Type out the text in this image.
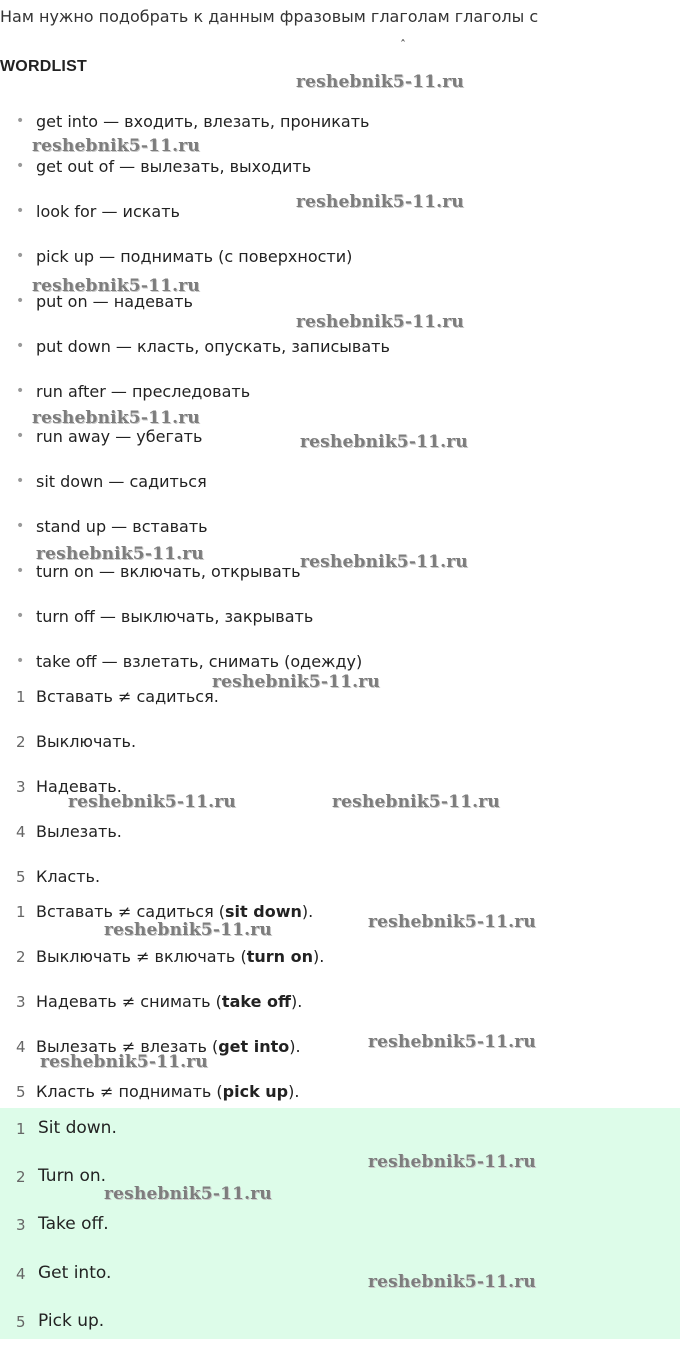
Нам нужно подобрать к данным фразовым глаголам глаголы с
ˆ
WORDLIST
• get into — входить, влезать, проникать
• get out of — вылезать, выходить
• look for — искать
• pick up — поднимать (с поверхности)
• put on — надевать
• put down — класть, опускать, записывать
• run after — преследовать
• run away — убегать
• sit down — садиться
• stand up — вставать
• turn on — включать, открывать
• turn off — выключать, закрывать
• take off — взлетать, снимать (одежду)
1 Вставать ≠ садиться.
2 Выключать.
3 Надевать.
4 Вылезать.
5 Класть.
1 Вставать ≠ садиться (sit down).
2 Выключать ≠ включать (turn on).
3 Надевать ≠ снимать (take off).
4 Вылезать ≠ влезать (get into).
5 Класть ≠ поднимать (pick up).
1 Sit down.
2 Turn on.
3 Take off.
4 Get into.
5 Pick up.
reshebnik5-11.ru
reshebnik5-11.ru
reshebnik5-11.ru
reshebnik5-11.ru
reshebnik5-11.ru
reshebnik5-11.ru
reshebnik5-11.ru
reshebnik5-11.ru	reshebnik5-11.ru
reshebnik5-11.ru
reshebnik5-11.ru	reshebnik5-11.ru
reshebnik5-11.ru
reshebnik5-11.ru
reshebnik5-11.ru
reshebnik5-11.ru
reshebnik5-11.ru
reshebnik5-11.ru
reshebnik5-11.ru
